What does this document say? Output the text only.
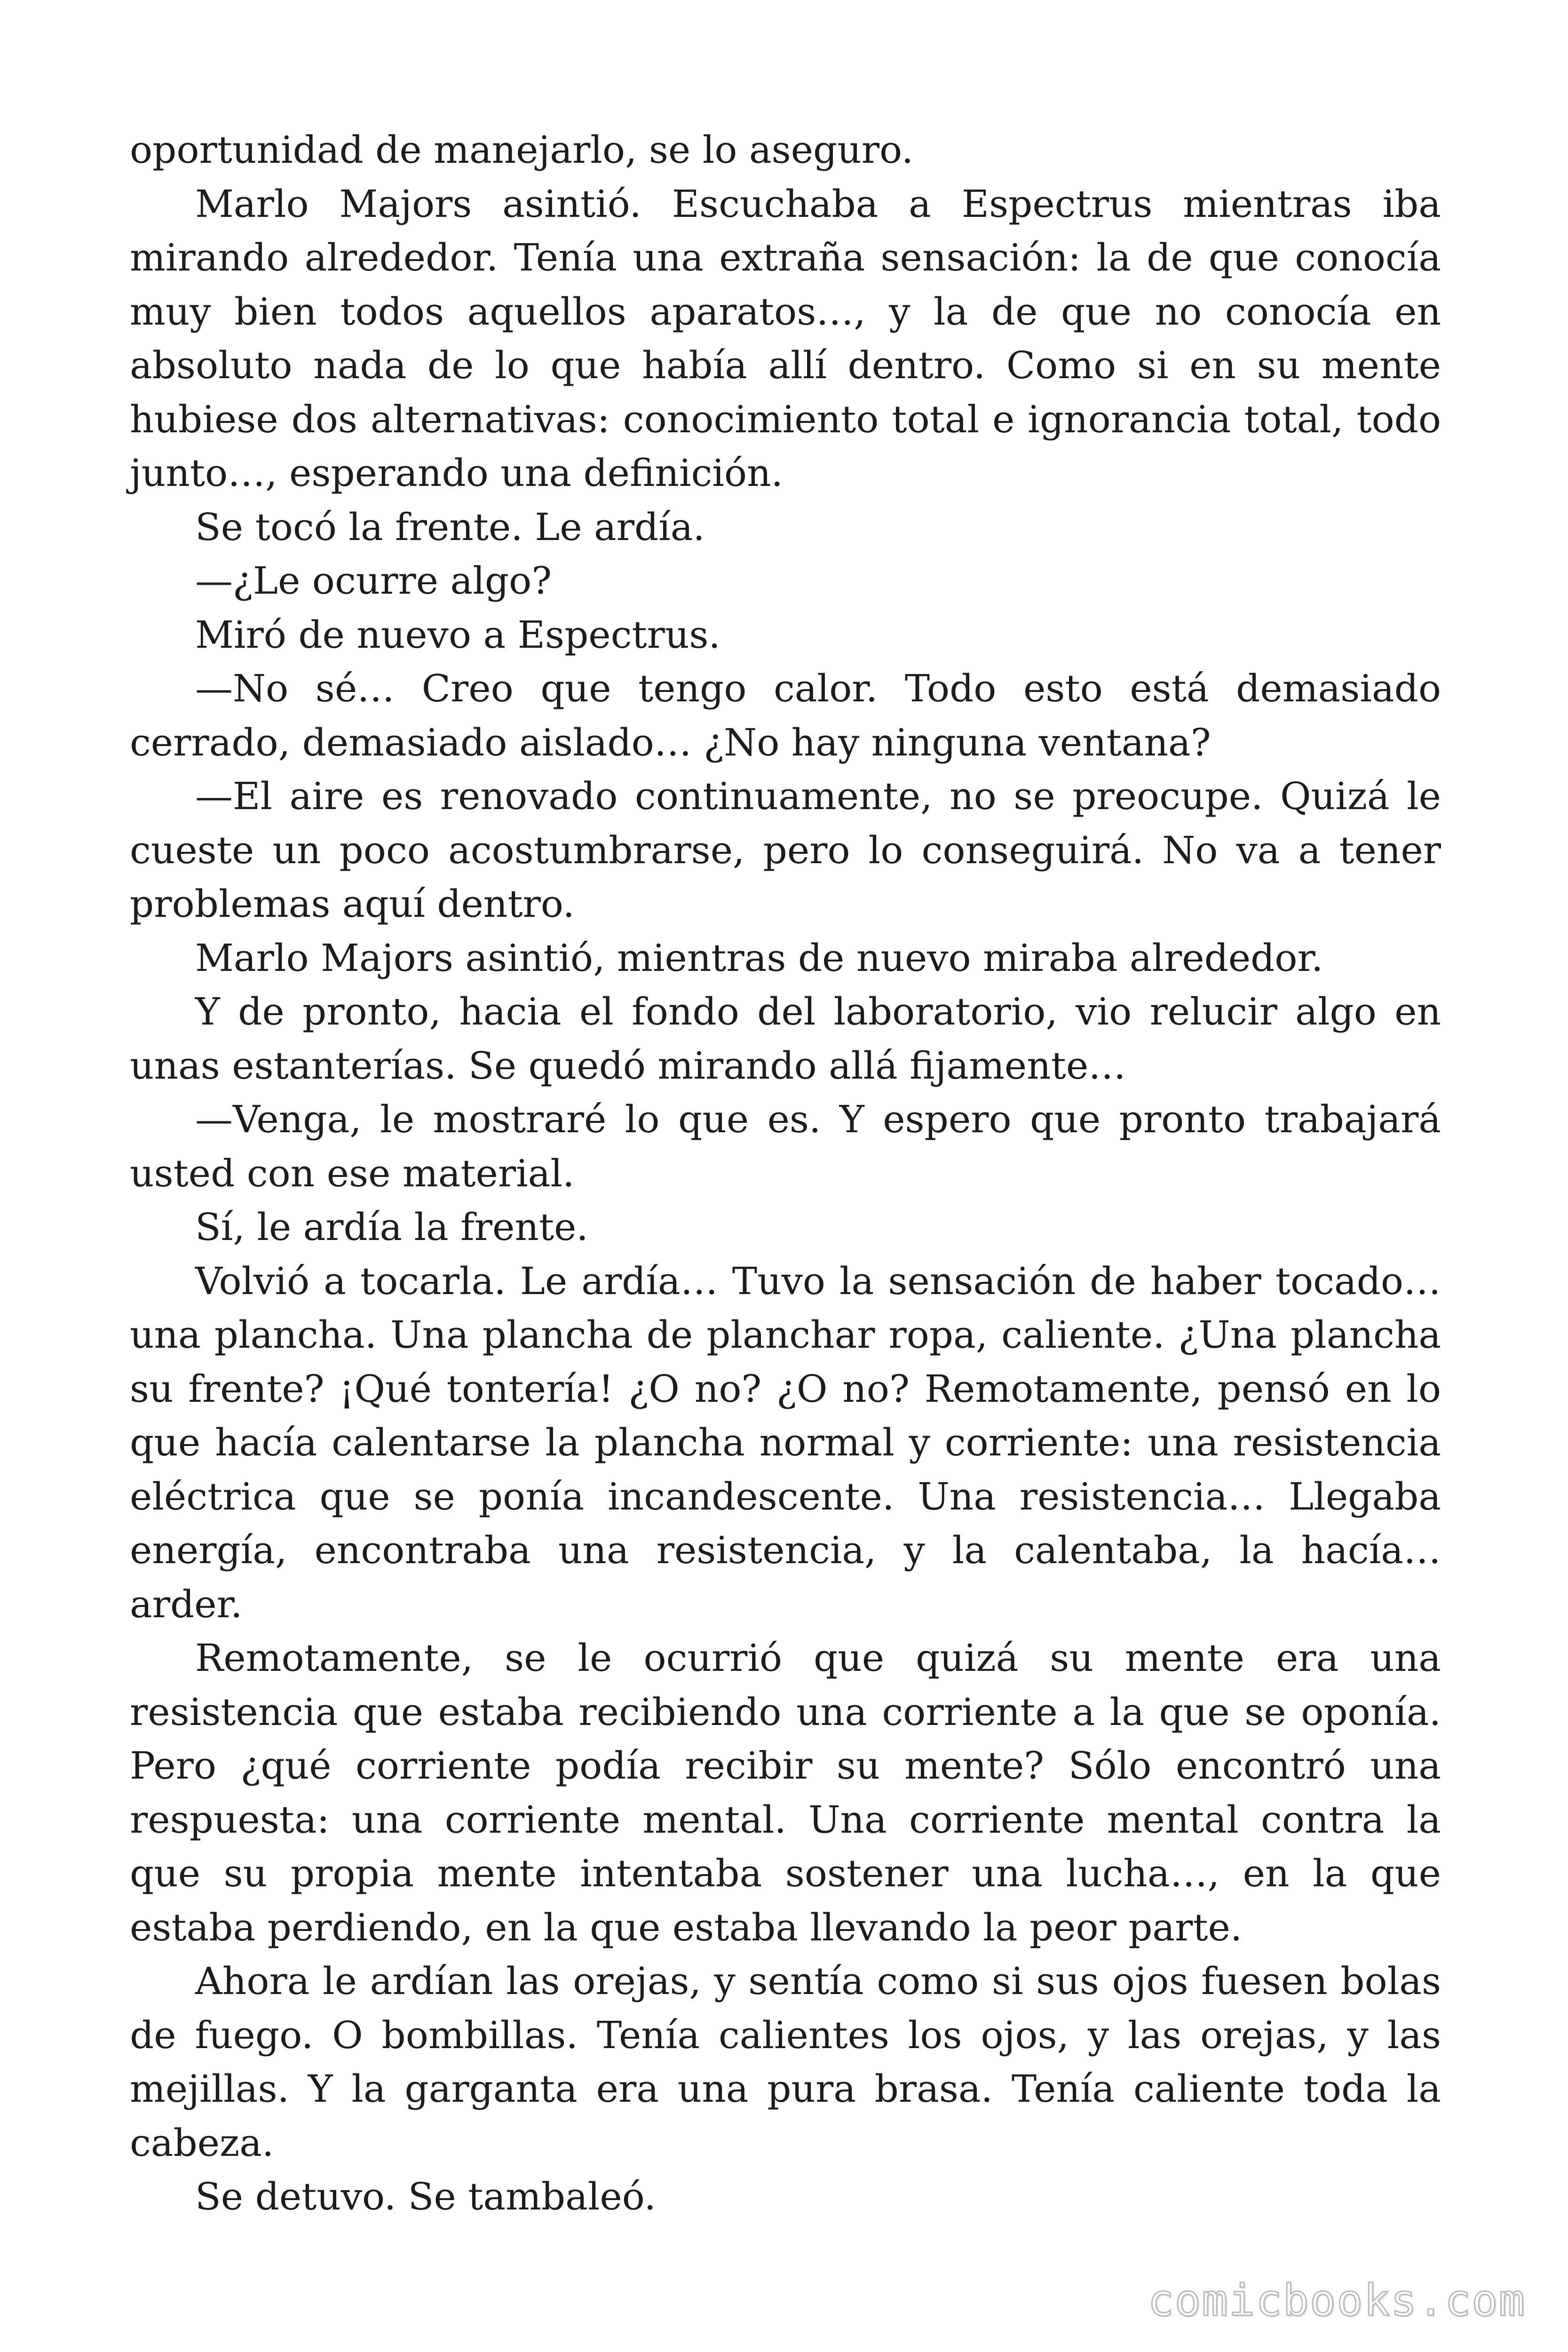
oportunidad de manejarlo, se lo aseguro.

Marlo Majors asintió. Escuchaba a Espectrus mientras iba mirando alrededor. Tenía una extraña sensación: la de que conocía muy bien todos aquellos aparatos…, y la de que no conocía en absoluto nada de lo que había allí dentro. Como si en su mente hubiese dos alternativas: conocimiento total e ignorancia total, todo junto…, esperando una definición.

Se tocó la frente. Le ardía.

—¿Le ocurre algo?

Miró de nuevo a Espectrus.

—No sé… Creo que tengo calor. Todo esto está demasiado cerrado, demasiado aislado… ¿No hay ninguna ventana?

—El aire es renovado continuamente, no se preocupe. Quizá le cueste un poco acostumbrarse, pero lo conseguirá. No va a tener problemas aquí dentro.

Marlo Majors asintió, mientras de nuevo miraba alrededor.

Y de pronto, hacia el fondo del laboratorio, vio relucir algo en unas estanterías. Se quedó mirando allá fijamente…

—Venga, le mostraré lo que es. Y espero que pronto trabajará usted con ese material.

Sí, le ardía la frente.

Volvió a tocarla. Le ardía… Tuvo la sensación de haber tocado… una plancha. Una plancha de planchar ropa, caliente. ¿Una plancha su frente? ¡Qué tontería! ¿O no? ¿O no? Remotamente, pensó en lo que hacía calentarse la plancha normal y corriente: una resistencia eléctrica que se ponía incandescente. Una resistencia… Llegaba energía, encontraba una resistencia, y la calentaba, la hacía… arder.

Remotamente, se le ocurrió que quizá su mente era una resistencia que estaba recibiendo una corriente a la que se oponía. Pero ¿qué corriente podía recibir su mente? Sólo encontró una respuesta: una corriente mental. Una corriente mental contra la que su propia mente intentaba sostener una lucha…, en la que estaba perdiendo, en la que estaba llevando la peor parte.

Ahora le ardían las orejas, y sentía como si sus ojos fuesen bolas de fuego. O bombillas. Tenía calientes los ojos, y las orejas, y las mejillas. Y la garganta era una pura brasa. Tenía caliente toda la cabeza.

Se detuvo. Se tambaleó.

comicbooks.com
